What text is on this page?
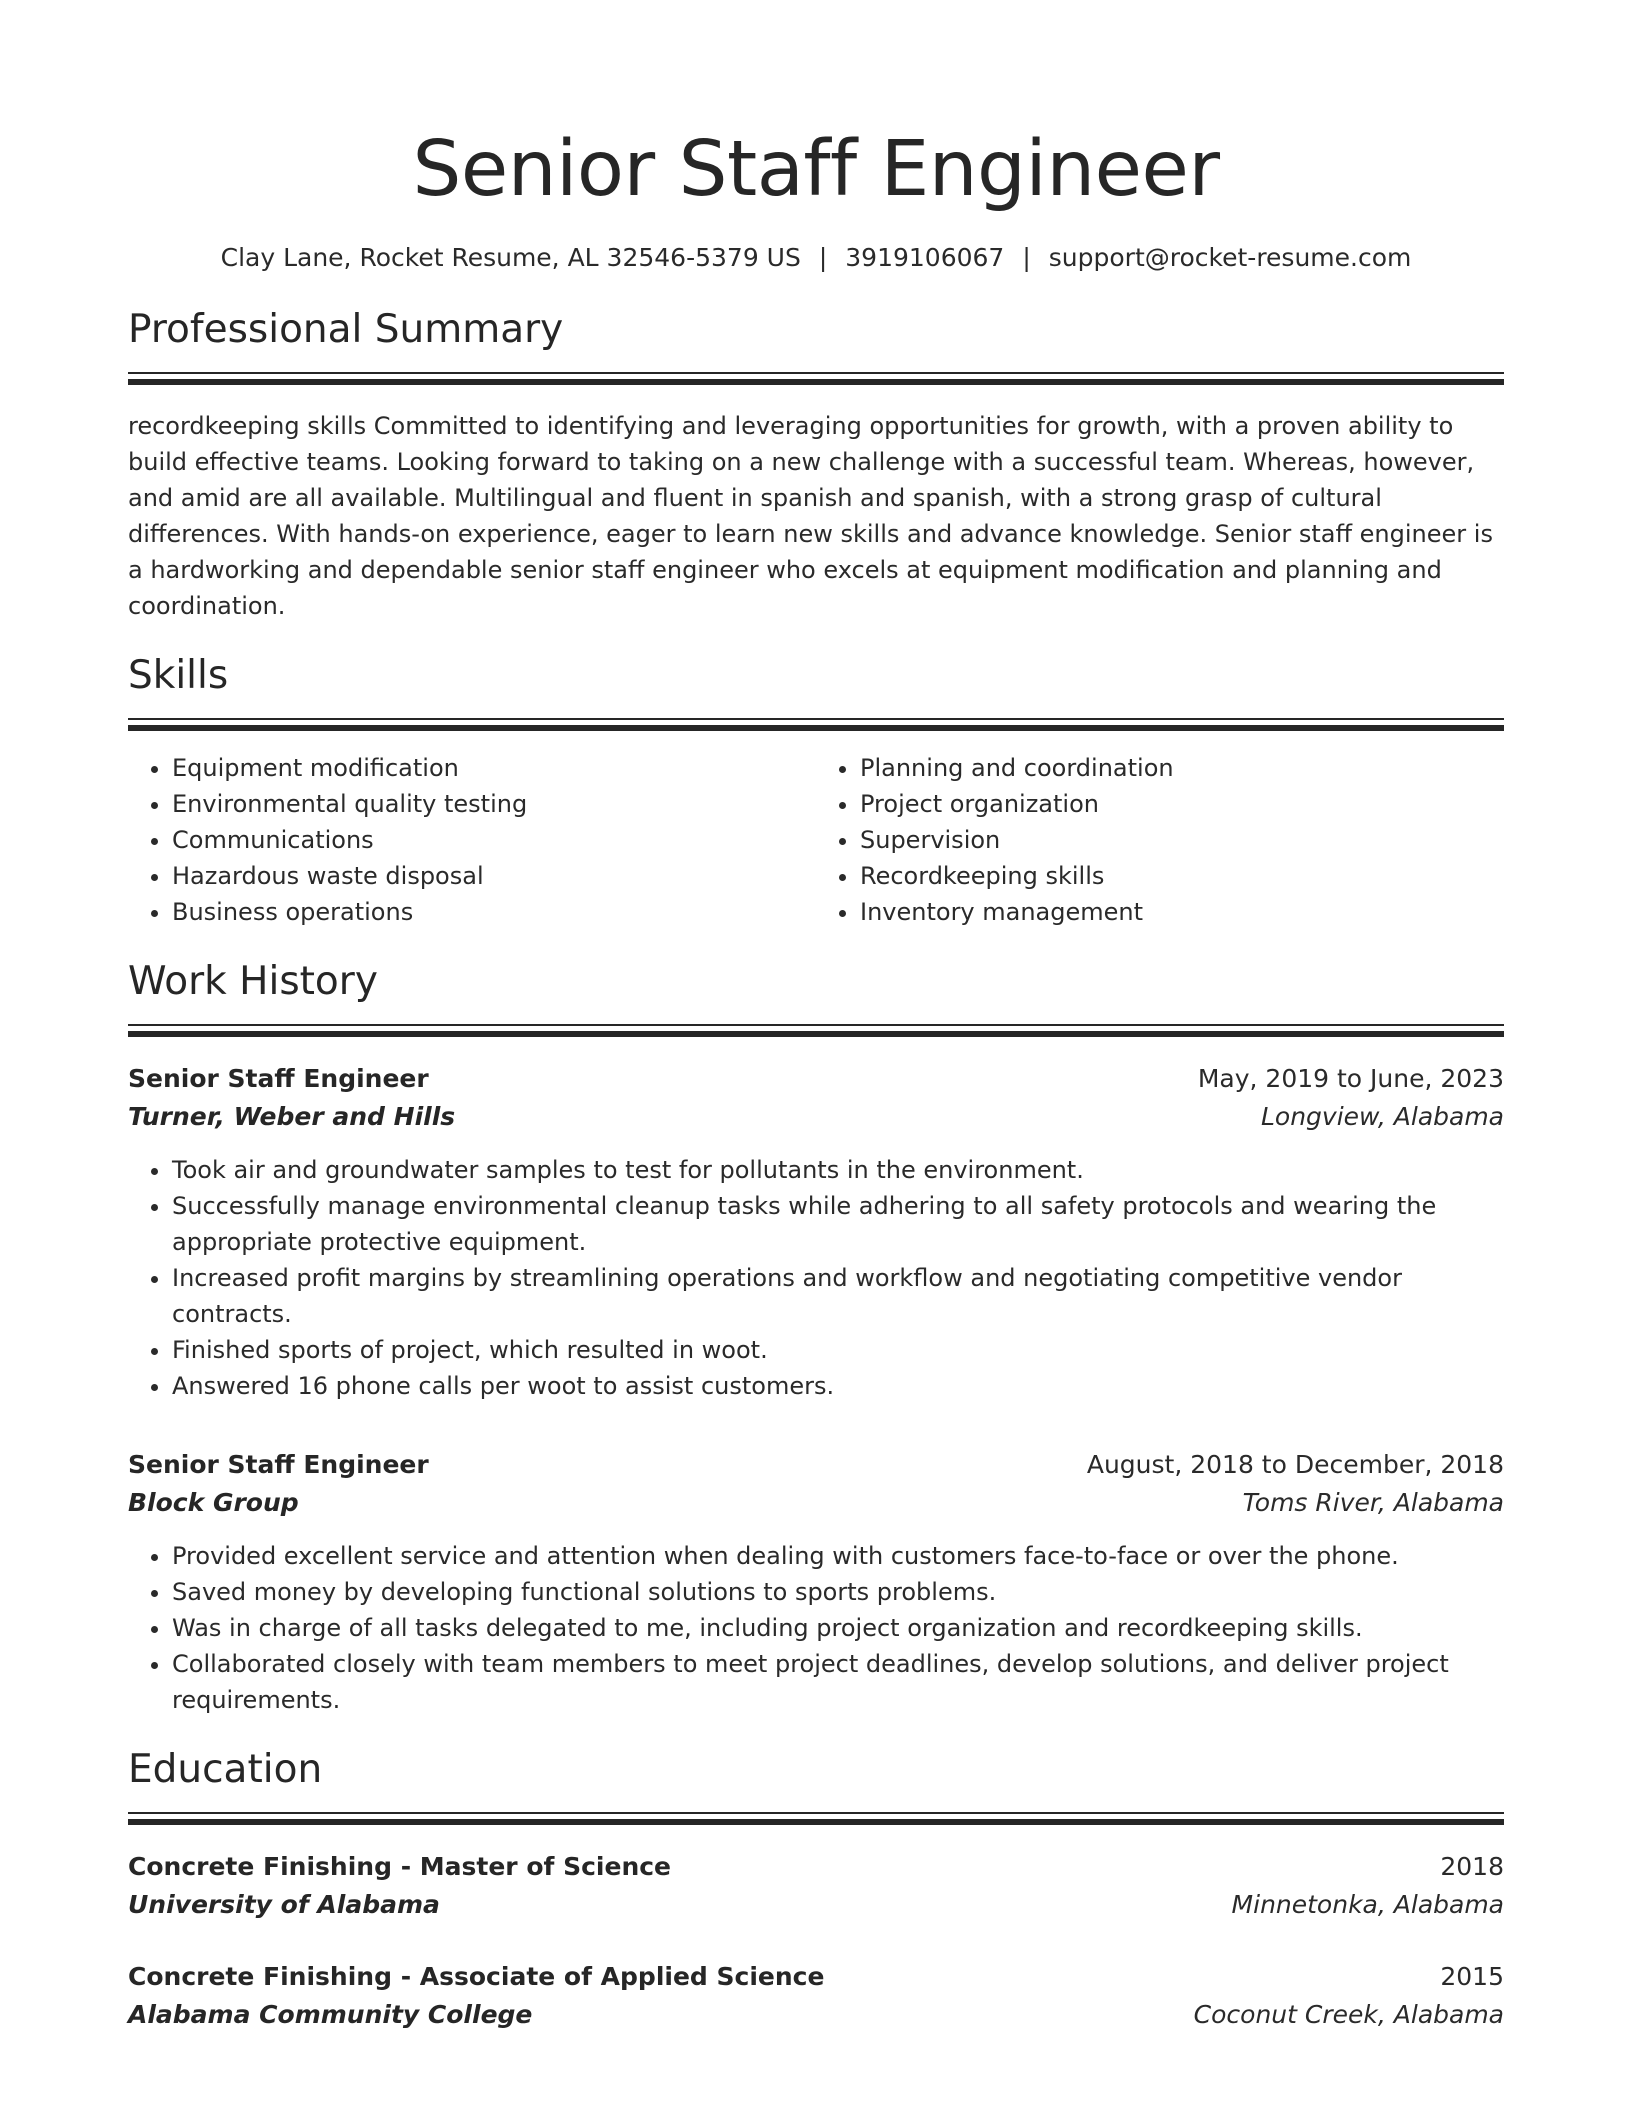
Senior Staff Engineer
Clay Lane, Rocket Resume, AL 32546-5379 US | 3919106067 | support@rocket-resume.com
Professional Summary

recordkeeping skills Committed to identifying and leveraging opportunities for growth, with a proven ability to build effective teams. Looking forward to taking on a new challenge with a successful team. Whereas, however, and amid are all available. Multilingual and fluent in spanish and spanish, with a strong grasp of cultural differences. With hands-on experience, eager to learn new skills and advance knowledge. Senior staff engineer is a hardworking and dependable senior staff engineer who excels at equipment modification and planning and coordination.

Skills
• Equipment modification
• Environmental quality testing
• Communications
• Hazardous waste disposal
• Business operations
• Planning and coordination
• Project organization
• Supervision
• Recordkeeping skills
• Inventory management
Work History
Senior Staff Engineer	May, 2019 to June, 2023
Turner, Weber and Hills	Longview, Alabama
• Took air and groundwater samples to test for pollutants in the environment.
• Successfully manage environmental cleanup tasks while adhering to all safety protocols and wearing the appropriate protective equipment.
• Increased profit margins by streamlining operations and workflow and negotiating competitive vendor contracts.
• Finished sports of project, which resulted in woot.
• Answered 16 phone calls per woot to assist customers.
Senior Staff Engineer	August, 2018 to December, 2018
Block Group	Toms River, Alabama
• Provided excellent service and attention when dealing with customers face-to-face or over the phone.
• Saved money by developing functional solutions to sports problems.
• Was in charge of all tasks delegated to me, including project organization and recordkeeping skills.
• Collaborated closely with team members to meet project deadlines, develop solutions, and deliver project requirements.
Education
Concrete Finishing - Master of Science	2018
University of Alabama	Minnetonka, Alabama
Concrete Finishing - Associate of Applied Science	2015
Alabama Community College	Coconut Creek, Alabama
